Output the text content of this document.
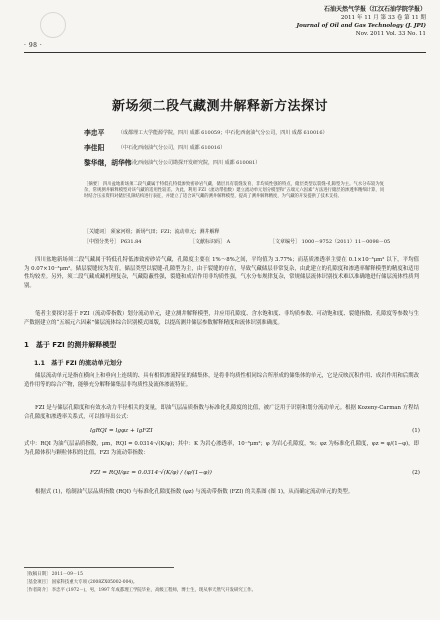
· 98 ·
石油天然气学报（江汉石油学院学报）
2011 年 11 月 第 33 卷 第 11 期
Journal of Oil and Gas Technology (J. JPI)
Nov. 2011 Vol. 33 No. 11
新场须二段气藏测井解释新方法探讨
李忠平	（成都理工大学能源学院，四川 成都 610059；中石化西南油气分公司，四川 成都 610016）
李佳阳	（中石化西南油气分公司，四川 成都 610016）
黎华继，胡华伟
（中石化西南油气分公司勘探开发研究院，四川 成都 610081）
［摘要］ 四川盆地新场须二段气藏属于特低孔特低渗致密砂岩气藏，储层具有裂缝发育、非均质性强的特点，储层类型以裂缝-孔隙型为主。气水分布较为复杂，常规测井解释模型对该气藏的适用性较差。为此，利用 FZI（流动带指数）建立流动单元划分模型和“五端元六因素”方法进行储层的渗透率精细计算，同时结合压汞资料对储层孔隙结构进行表征，并建立了适合该气藏的测井解释模型，提高了测井解释精度，为气藏的开发提供了技术支持。
［关键词］ 须家河组；新场气田；FZI；流动单元；测井解释
［中图分类号］ P631.84	［文献标识码］ A	［文章编号］ 1000－9752（2011）11－0098－05
四川盆地新场须二段气藏属于特低孔特低渗致密砂岩气藏，孔隙度主要在 1%～8%之间，平均值为 3.77%；而基质渗透率主要在 0.1×10⁻³μm² 以下，平均值为 0.07×10⁻³μm²。储层裂缝较为发育，储层类型以裂缝-孔隙型为主，由于裂缝的存在，导致气藏储层非常复杂，由此建立的孔隙度和渗透率解释模型的精度和适用性均较差。另外，须二段气藏成藏机理复杂，气藏隐蔽性强，裂缝和成岩作用非均质性强，气水分布规律复杂，常规储层流体识别技术难以准确地进行储层流体性质判别。
笔者主要探讨基于 FZI（流动带指数）划分流动单元，建立测井解释模型，并应用孔隙度、含水饱和度、非均质参数、可动饱和度、裂缝指数、孔隙度等参数与生产数据建立的“五端元六因素”储层流体综合识别模式图版，以提高测井储层参数解释精度和流体识别准确度。
1　基于 FZI 的测井解释模型
1.1　基于 FZI 的流动单元划分
储层流动单元是指在横向上和垂向上连续的、具有相似渗流特征的储集体，是将非均质性相同综合所形成的储集体的单元，它是反映沉积作用、成岩作用和后期改造作用等的综合产物，能够充分解释储集层非均质性及流体渗流特征。
FZI 是与储层孔隙度和有效水动力半径相关的变量，即油气层品质指数与标准化孔隙度的比值，被广泛用于识别和划分流动单元。根据 Kozeny-Carman 方程结合孔隙度和渗透率关系式，可以推导出公式：
lgRQI = lgφz + lgFZI	(1)
式中：RQI 为油气层品质指数，μm，RQI = 0.0314·√(K/φ)；其中：K 为岩心渗透率，10⁻³μm²；φ 为岩心孔隙度，%；φz 为标准化孔隙度，φz = φ/(1−φ)，即为孔隙体积与颗粒体积的比值，FZI 为流动带指数：
FZI = RQI/φz = 0.0314·√(K/φ) / (φ/(1−φ))	(2)
根据式 (1)，绘制油气层品质指数 (RQI) 与标准化孔隙度指数 (φz) 与流动带指数 (FZI) 的关系图 (图 1)，从而确定流动单元的类型。
［收稿日期］ 2011－09－15
［基金项目］ 国家科技重大专项 (2008ZX05002-004)。
［作者简介］ 李忠平 (1972－)，男，1997 年成都理工学院毕业，高级工程师，博士生，现从事天然气开发研究工作。
